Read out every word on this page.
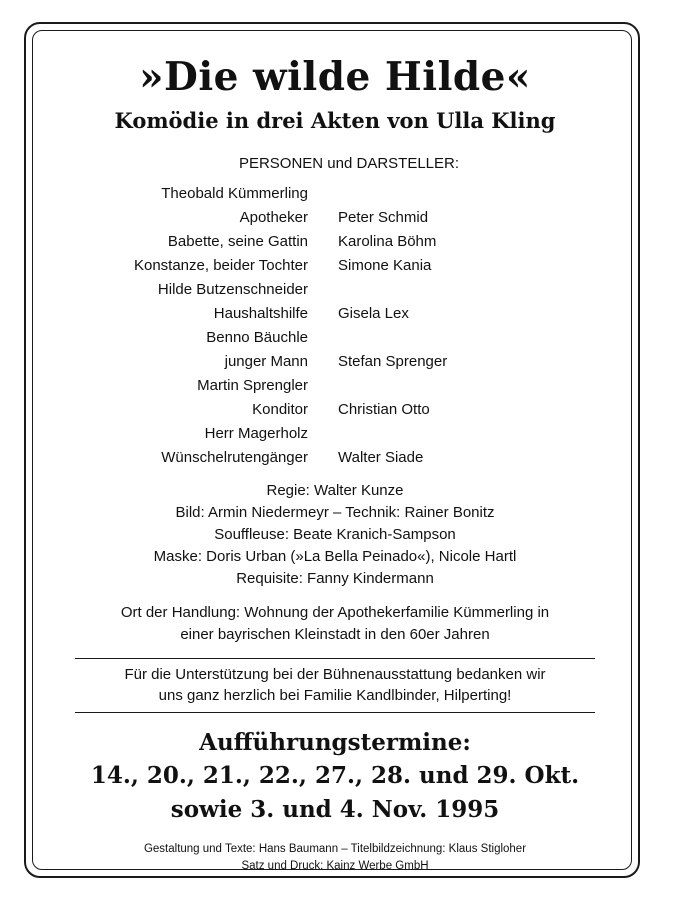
»Die wilde Hilde«
Komödie in drei Akten von Ulla Kling
PERSONEN und DARSTELLER:
Theobald Kümmerling
Apotheker	Peter Schmid
Babette, seine Gattin	Karolina Böhm
Konstanze, beider Tochter	Simone Kania
Hilde Butzenschneider
Haushaltshilfe	Gisela Lex
Benno Bäuchle
junger Mann	Stefan Sprenger
Martin Sprengler
Konditor	Christian Otto
Herr Magerholz
Wünschelrutengänger	Walter Siade
Regie: Walter Kunze
Bild: Armin Niedermeyr – Technik: Rainer Bonitz
Souffleuse: Beate Kranich-Sampson
Maske: Doris Urban (»La Bella Peinado«), Nicole Hartl
Requisite: Fanny Kindermann
Ort der Handlung: Wohnung der Apothekerfamilie Kümmerling in
einer bayrischen Kleinstadt in den 60er Jahren
Für die Unterstützung bei der Bühnenausstattung bedanken wir
uns ganz herzlich bei Familie Kandlbinder, Hilperting!
Aufführungstermine:
14., 20., 21., 22., 27., 28. und 29. Okt.
sowie 3. und 4. Nov. 1995
Gestaltung und Texte: Hans Baumann – Titelbildzeichnung: Klaus Stigloher
Satz und Druck: Kainz Werbe GmbH
